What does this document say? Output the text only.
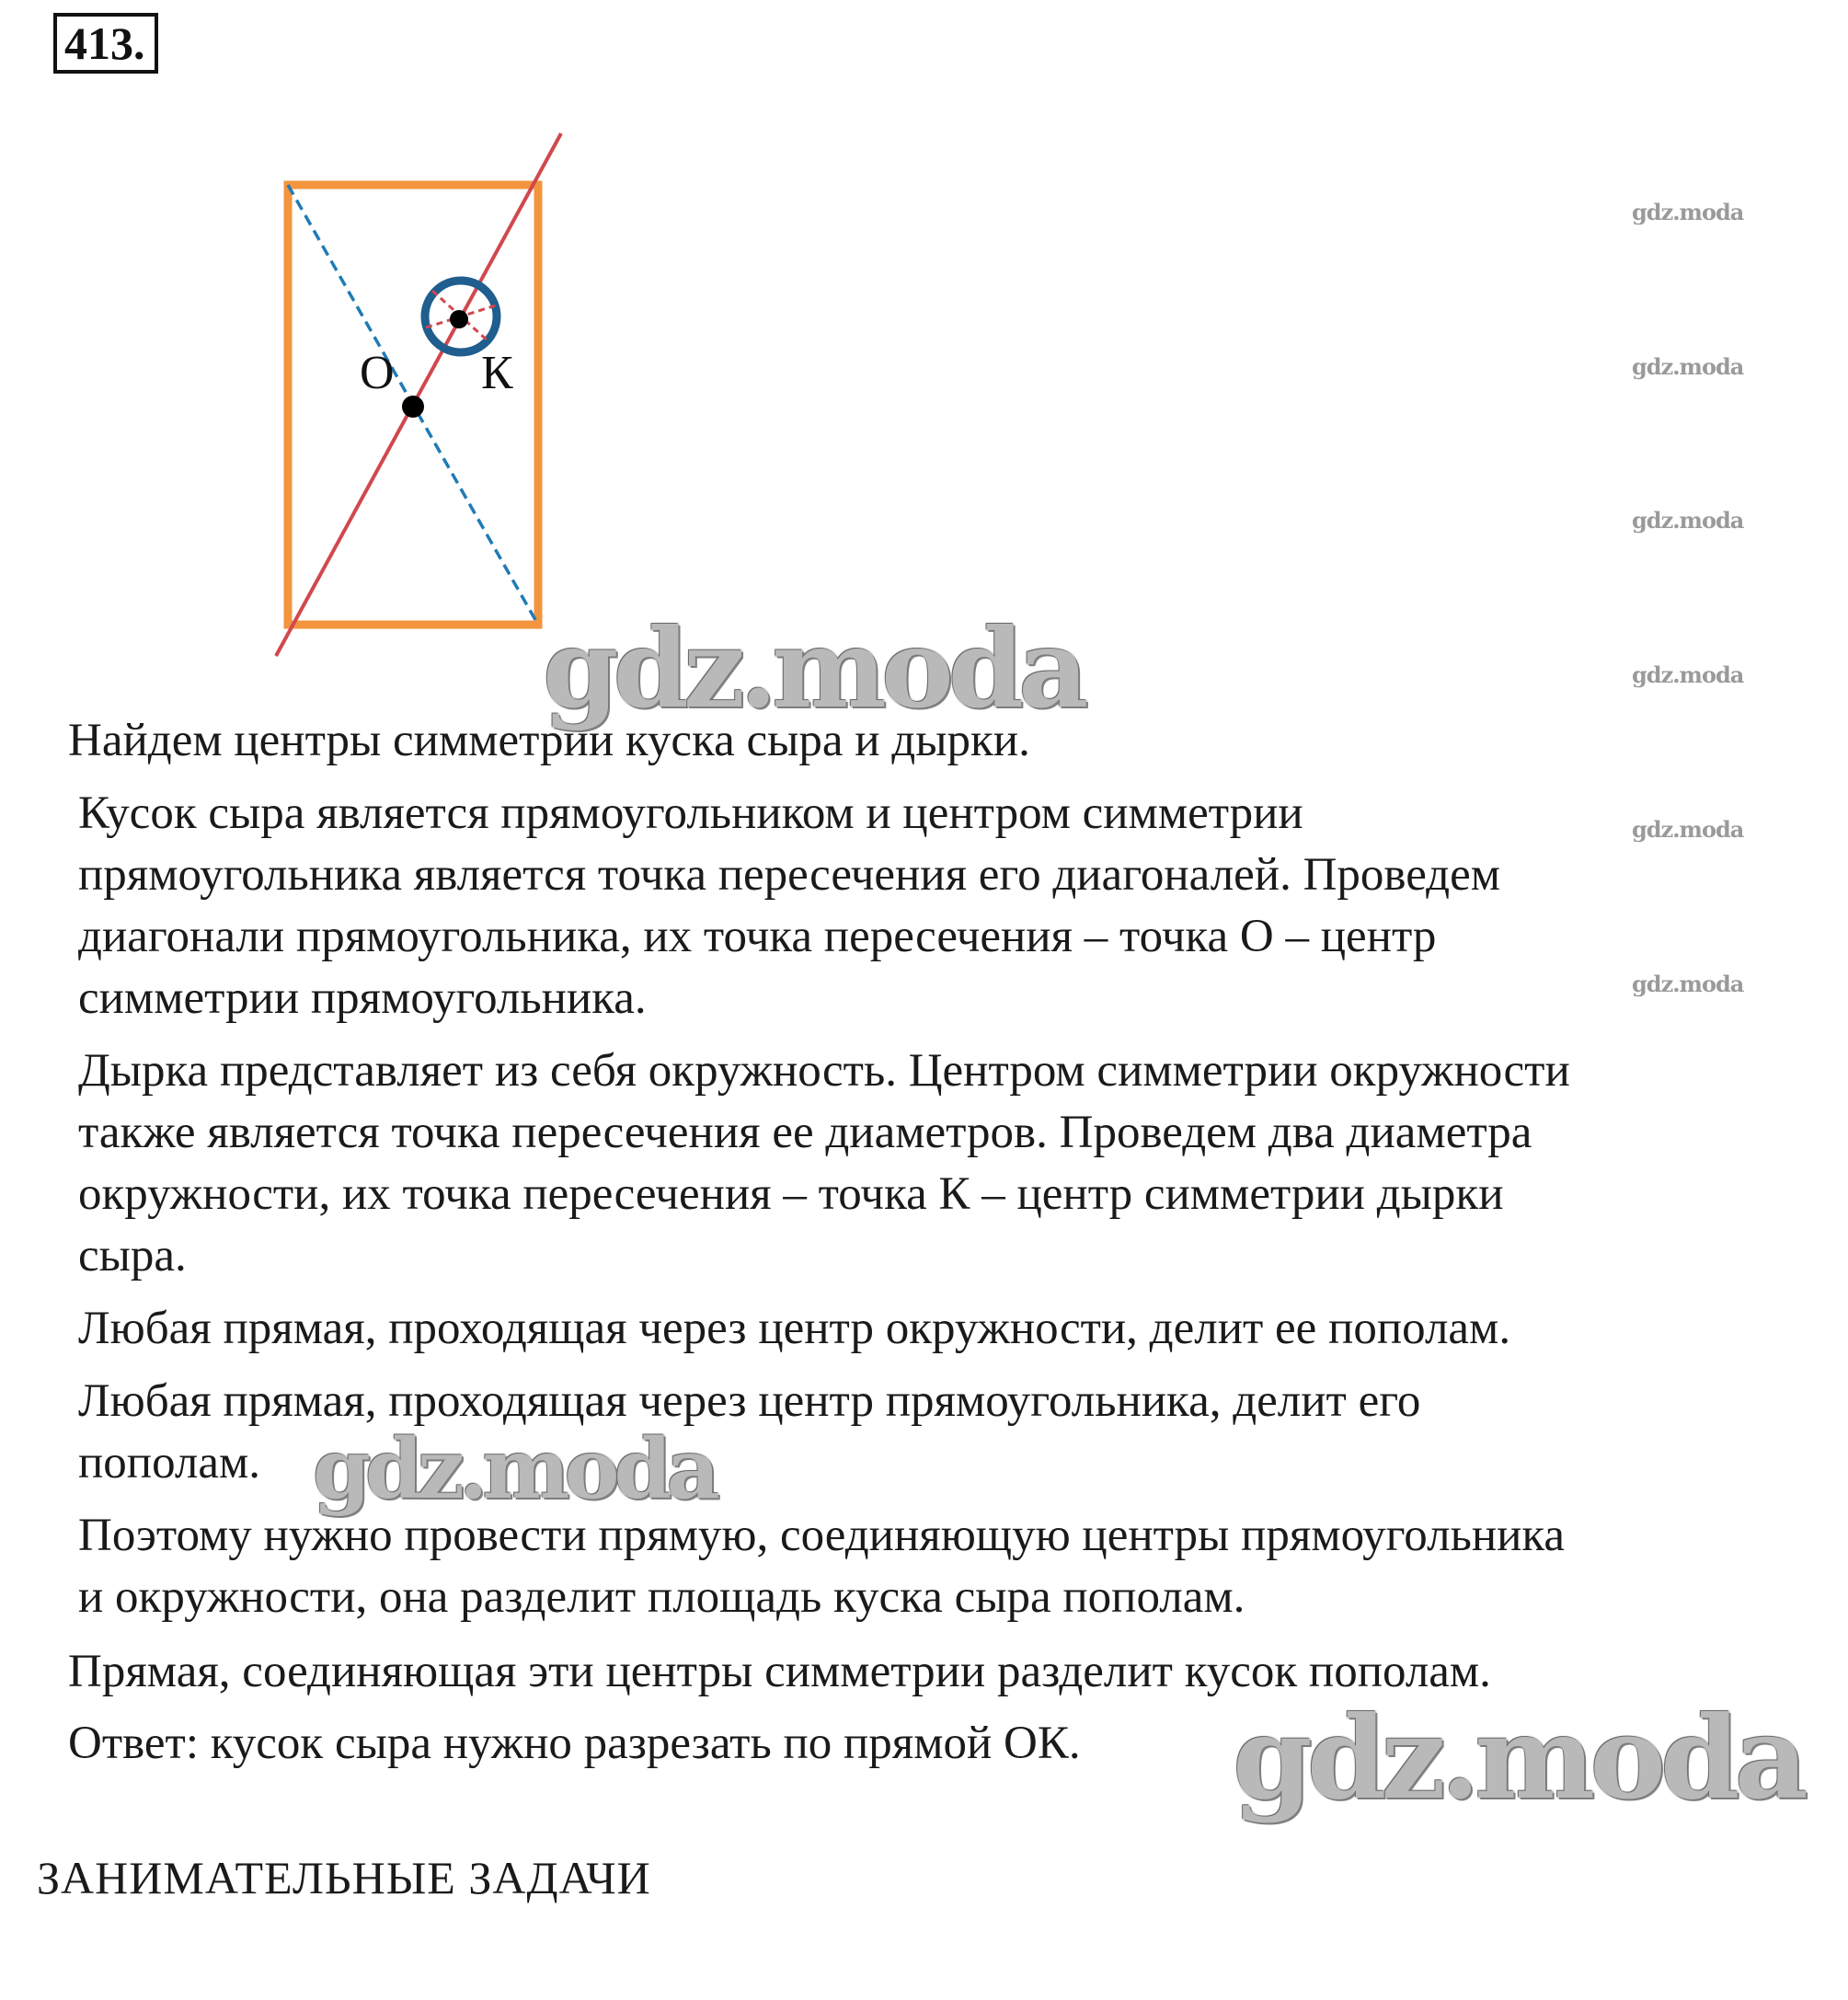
413.
О К
gdz.moda
gdz.moda
gdz.moda
gdz.moda
gdz.moda
gdz.moda
gdz.moda

Найдем центры симметрии куска сыра и дырки.

Кусок сыра является прямоугольником и центром симметрии
прямоугольника является точка пересечения его диагоналей. Проведем
диагонали прямоугольника, их точка пересечения – точка О – центр
симметрии прямоугольника.

Дырка представляет из себя окружность. Центром симметрии окружности
также является точка пересечения ее диаметров. Проведем два диаметра
окружности, их точка пересечения – точка К – центр симметрии дырки
сыра.

Любая прямая, проходящая через центр окружности, делит ее пополам.

Любая прямая, проходящая через центр прямоугольника, делит его
пополам.

Поэтому нужно провести прямую, соединяющую центры прямоугольника
и окружности, она разделит площадь куска сыра пополам.

Прямая, соединяющая эти центры симметрии разделит кусок пополам.

Ответ: кусок сыра нужно разрезать по прямой ОК.

gdz.moda
gdz.moda
ЗАНИМАТЕЛЬНЫЕ ЗАДАЧИ
